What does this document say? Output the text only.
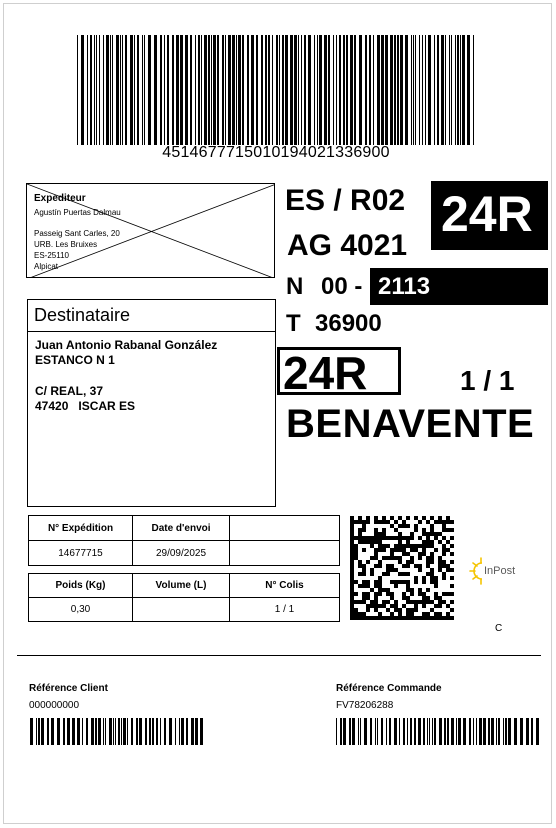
4514677715010194021336900
Expediteur
Agustín Puertas Dalmau
Passeig Sant Carles, 20
URB. Les Bruixes
ES-25110
Alpicat
ES / R02
AG 4021
N 00 - 2113
T 36900
24R
24R	1 / 1
BENAVENTE
Destinataire
Juan Antonio Rabanal González
ESTANCO N 1
C/ REAL, 37
47420   ISCAR ES
N° Expédition	Date d'envoi	
14677715	29/09/2025	
Poids (Kg)	Volume (L)	N° Colis
0,30		1 / 1
InPost
C
Référence Client
000000000
Référence Commande
FV78206288
